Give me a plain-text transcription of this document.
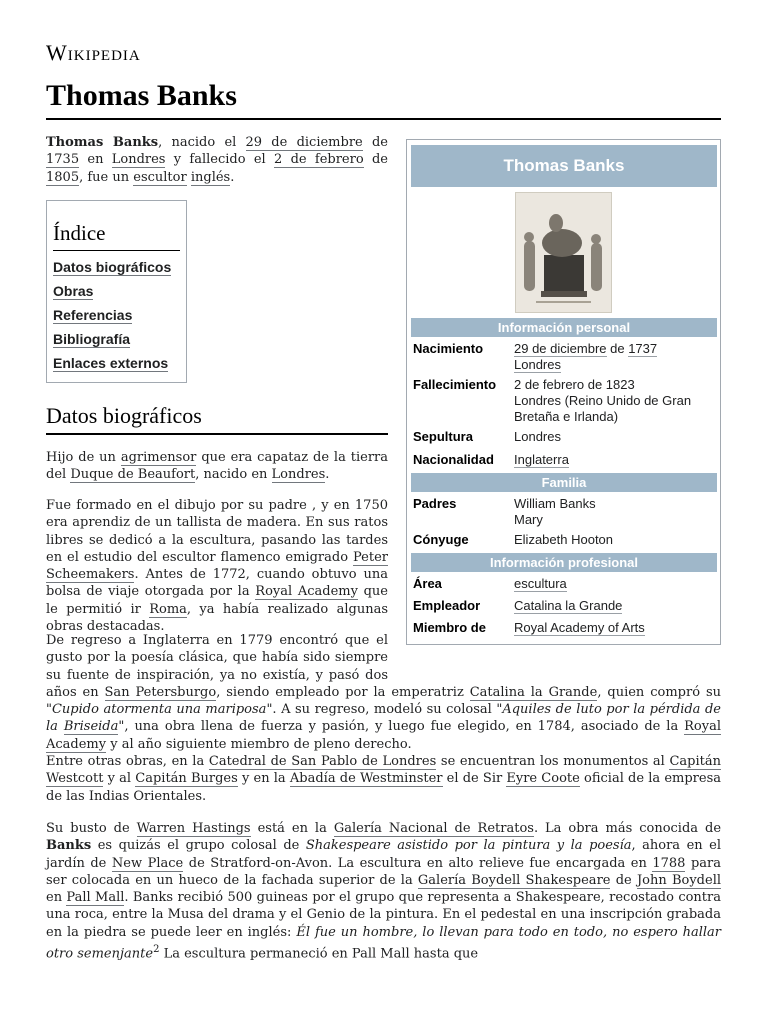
Wikipedia
Thomas Banks

Thomas Banks, nacido el 29 de diciembre de 1735 en Londres y fallecido el 2 de febrero de 1805, fue un escultor inglés.

Índice
Datos biográficos
Obras
Referencias
Bibliografía
Enlaces externos
Datos biográficos

Hijo de un agrimensor que era capataz de la tierra del Duque de Beaufort, nacido en Londres.

Fue formado en el dibujo por su padre , y en 1750 era aprendiz de un tallista de madera. En sus ratos libres se dedicó a la escultura, pasando las tardes en el estudio del escultor flamenco emigrado Peter Scheemakers. Antes de 1772, cuando obtuvo una bolsa de viaje otorgada por la Royal Academy que le permitió ir Roma, ya había realizado algunas obras destacadas.

De regreso a Inglaterra en 1779 encontró que el gusto por la poesía clásica, que había sido siempre su fuente de inspiración, ya no existía, y pasó dos años en San Petersburgo, siendo empleado por la emperatriz Catalina la Grande, quien compró su "Cupido atormenta una mariposa". A su regreso, modeló su colosal "Aquiles de luto por la pérdida de la Briseida", una obra llena de fuerza y pasión, y luego fue elegido, en 1784, asociado de la Royal Academy y al año siguiente miembro de pleno derecho.

Entre otras obras, en la Catedral de San Pablo de Londres se encuentran los monumentos al Capitán Westcott y al Capitán Burges y en la Abadía de Westminster el de Sir Eyre Coote oficial de la empresa de las Indias Orientales.

Su busto de Warren Hastings está en la Galería Nacional de Retratos. La obra más conocida de Banks es quizás el grupo colosal de Shakespeare asistido por la pintura y la poesía, ahora en el jardín de New Place de Stratford-on-Avon. La escultura en alto relieve fue encargada en 1788 para ser colocada en un hueco de la fachada superior de la Galería Boydell Shakespeare de John Boydell en Pall Mall. Banks recibió 500 guineas por el grupo que representa a Shakespeare, recostado contra una roca, entre la Musa del drama y el Genio de la pintura. En el pedestal en una inscripción grabada en la piedra se puede leer en inglés: Él fue un hombre, lo llevan para todo en todo, no espero hallar otro semenjante$^2$ La escultura permaneció en Pall Mall hasta que

Thomas Banks
Información personal
Nacimiento	29 de diciembre de 1737
Londres
Fallecimiento	2 de febrero de 1823
Londres (Reino Unido de Gran Bretaña e Irlanda)
Sepultura	Londres
Nacionalidad	Inglaterra
Familia
Padres	William Banks
Mary
Cónyuge	Elizabeth Hooton
Información profesional
Área	escultura
Empleador	Catalina la Grande
Miembro de	Royal Academy of Arts
